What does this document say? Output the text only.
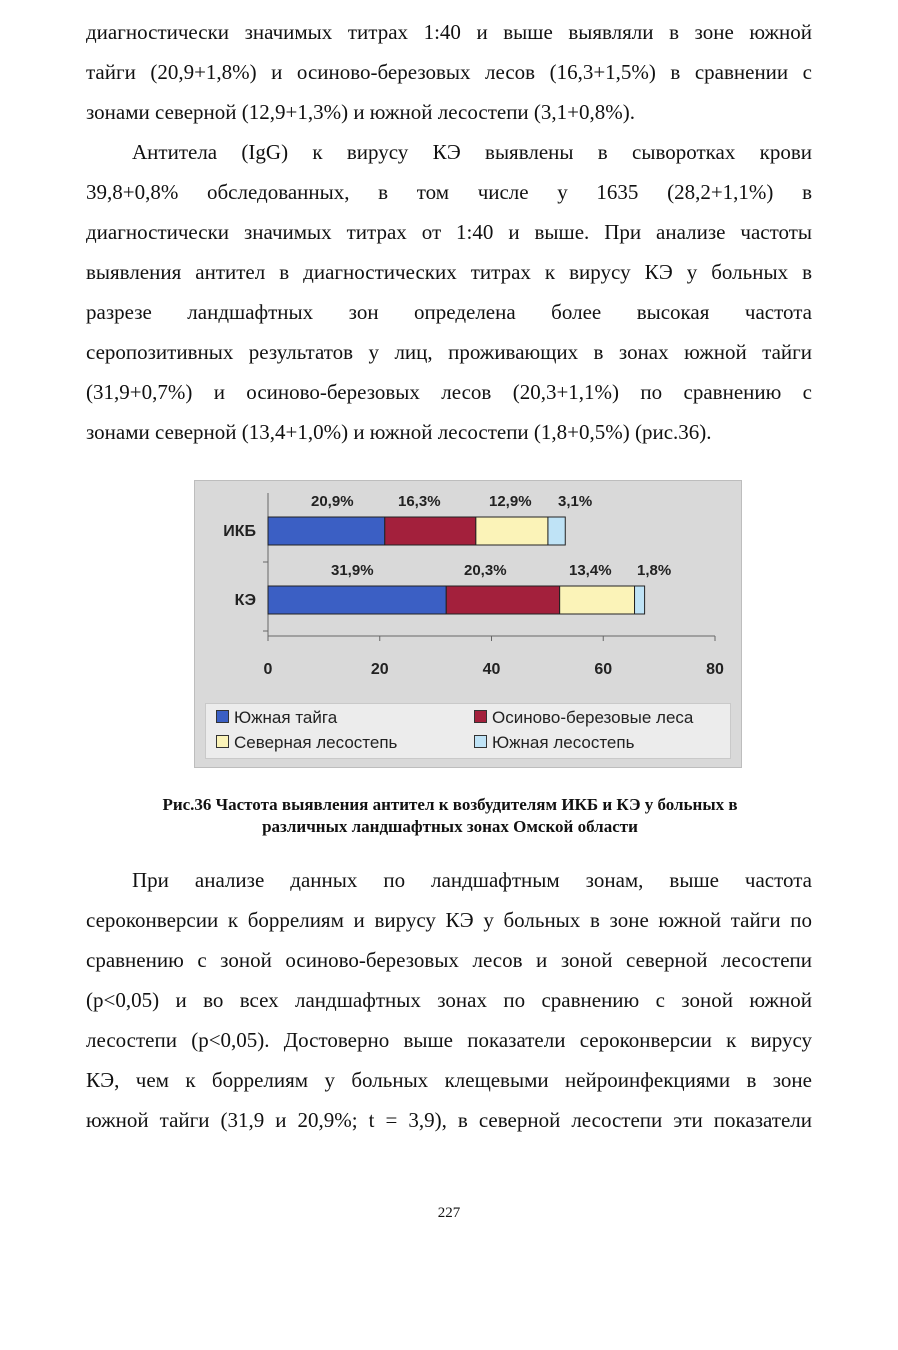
диагностически значимых титрах 1:40 и выше выявляли в зоне южной
тайги (20,9+1,8%) и осиново-березовых лесов (16,3+1,5%) в сравнении с
зонами северной (12,9+1,3%) и южной лесостепи (3,1+0,8%).
Антитела (IgG) к вирусу КЭ выявлены в сыворотках крови
39,8+0,8% обследованных, в том числе у 1635 (28,2+1,1%) в
диагностически значимых титрах от 1:40 и выше. При анализе частоты
выявления антител в диагностических титрах к вирусу КЭ у больных в
разрезе ландшафтных зон определена более высокая частота
серопозитивных результатов у лиц, проживающих в зонах южной тайги
(31,9+0,7%) и осиново-березовых лесов (20,3+1,1%) по сравнению с
зонами северной (13,4+1,0%) и южной лесостепи (1,8+0,5%) (рис.36).
ИКБ
20,9%	16,3%	12,9% 3,1%
КЭ
31,9%	20,3%	13,4% 1,8%
0	20	40	60	80
Южная тайга	Осиново-березовые леса
Северная лесостепь	Южная лесостепь
Рис.36 Частота выявления антител к возбудителям ИКБ и КЭ у больных в
различных ландшафтных зонах Омской области
При анализе данных по ландшафтным зонам, выше частота
сероконверсии к боррелиям и вирусу КЭ у больных в зоне южной тайги по
сравнению с зоной осиново-березовых лесов и зоной северной лесостепи
(p<0,05) и во всех ландшафтных зонах по сравнению с зоной южной
лесостепи (p<0,05). Достоверно выше показатели сероконверсии к вирусу
КЭ, чем к боррелиям у больных клещевыми нейроинфекциями в зоне
южной тайги (31,9 и 20,9%; t = 3,9), в северной лесостепи эти показатели
227
